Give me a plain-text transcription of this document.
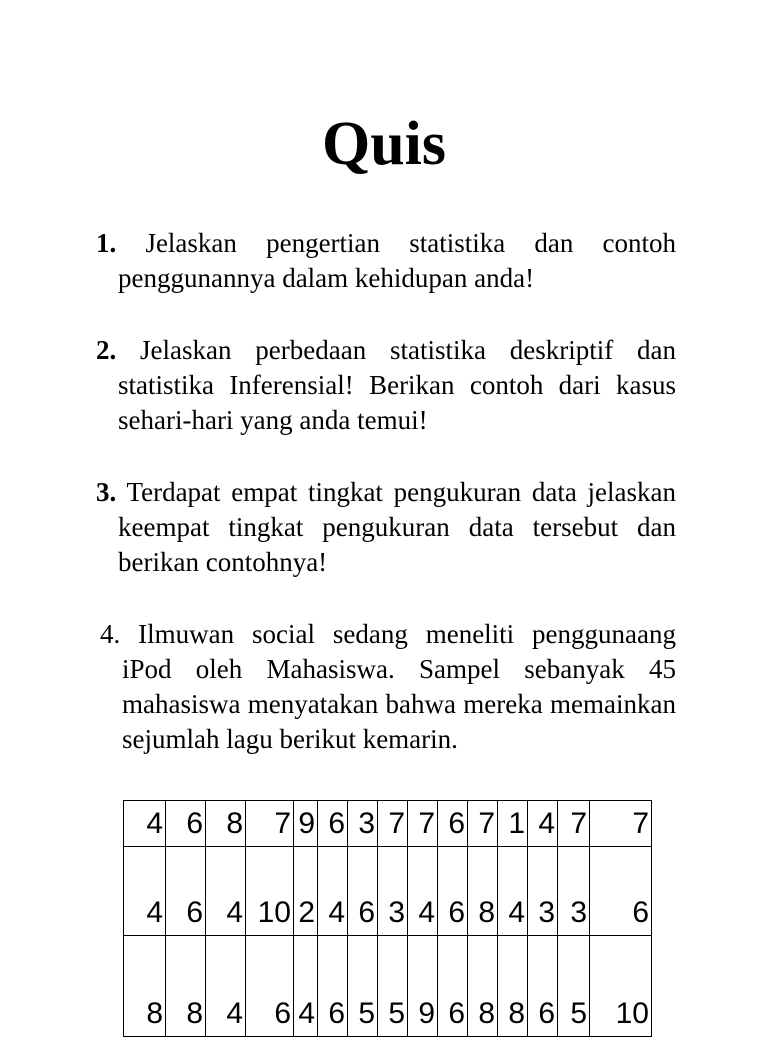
Quis
1. Jelaskan pengertian statistika dan contoh penggunannya dalam kehidupan anda!
2. Jelaskan perbedaan statistika deskriptif dan statistika Inferensial! Berikan contoh dari kasus sehari-hari yang anda temui!
3. Terdapat empat tingkat pengukuran data jelaskan keempat tingkat pengukuran data tersebut dan berikan contohnya!
4. Ilmuwan social sedang meneliti penggunaang iPod oleh Mahasiswa. Sampel sebanyak 45 mahasiswa menyatakan bahwa mereka memainkan sejumlah lagu berikut kemarin.
4	6	8	7	9	6	3	7	7	6	7	1	4	7	7
4	6	4	10	2	4	6	3	4	6	8	4	3	3	6
8	8	4	6	4	6	5	5	9	6	8	8	6	5	10
